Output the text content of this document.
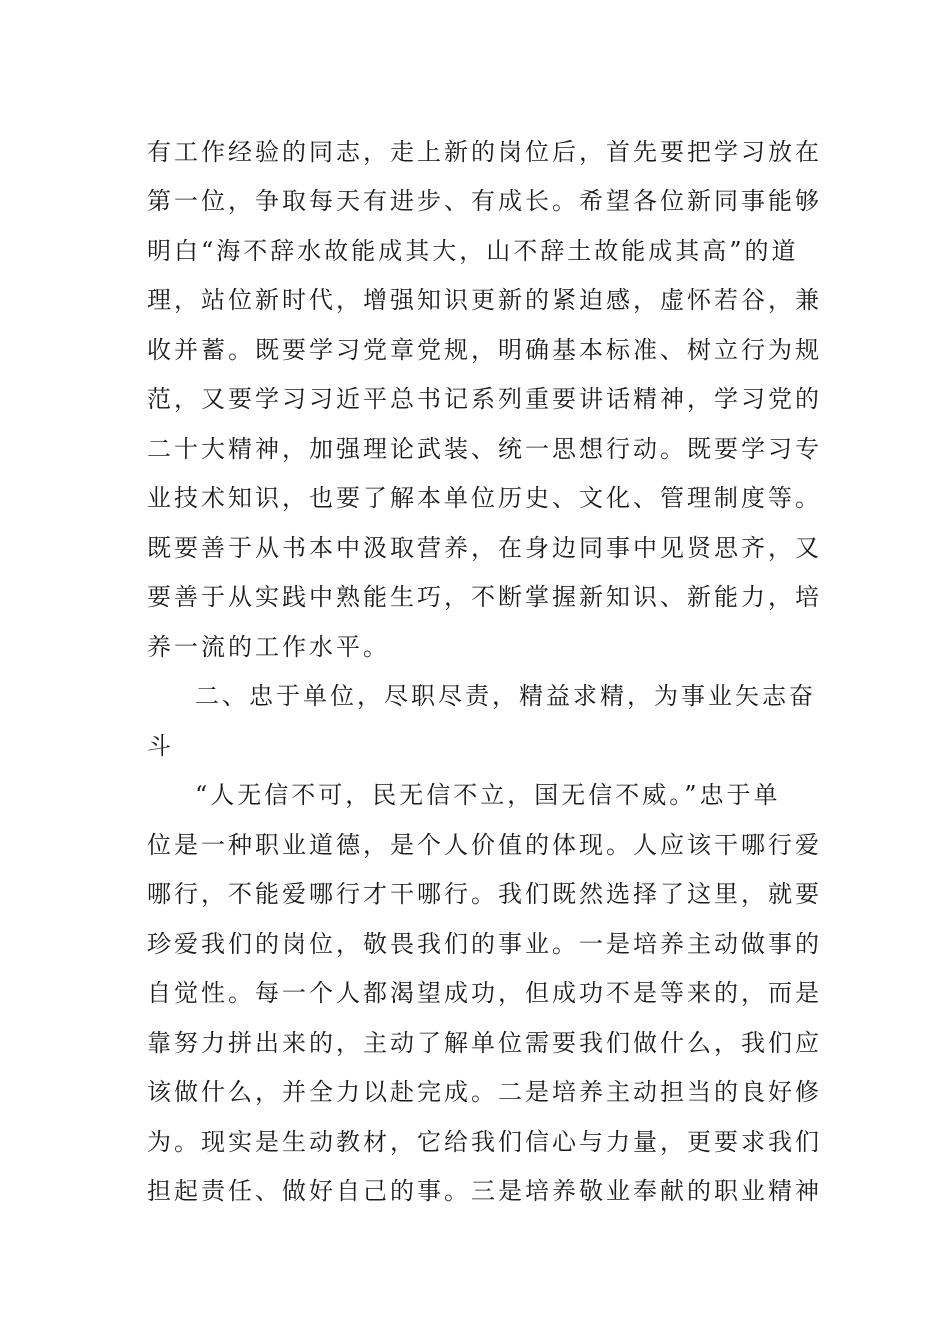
有工作经验的同志，走上新的岗位后，首先要把学习放在

第一位，争取每天有进步、有成长。希望各位新同事能够

明白“海不辞水故能成其大，山不辞土故能成其高”的道

理，站位新时代，增强知识更新的紧迫感，虚怀若谷，兼

收并蓄。既要学习党章党规，明确基本标准、树立行为规

范，又要学习习近平总书记系列重要讲话精神，学习党的

二十大精神，加强理论武装、统一思想行动。既要学习专

业技术知识，也要了解本单位历史、文化、管理制度等。

既要善于从书本中汲取营养，在身边同事中见贤思齐，又

要善于从实践中熟能生巧，不断掌握新知识、新能力，培

养一流的工作水平。

二、忠于单位，尽职尽责，精益求精，为事业矢志奋

斗

“人无信不可，民无信不立，国无信不威。”忠于单

位是一种职业道德，是个人价值的体现。人应该干哪行爱

哪行，不能爱哪行才干哪行。我们既然选择了这里，就要

珍爱我们的岗位，敬畏我们的事业。一是培养主动做事的

自觉性。每一个人都渴望成功，但成功不是等来的，而是

靠努力拼出来的，主动了解单位需要我们做什么，我们应

该做什么，并全力以赴完成。二是培养主动担当的良好修

为。现实是生动教材，它给我们信心与力量，更要求我们

担起责任、做好自己的事。三是培养敬业奉献的职业精神
